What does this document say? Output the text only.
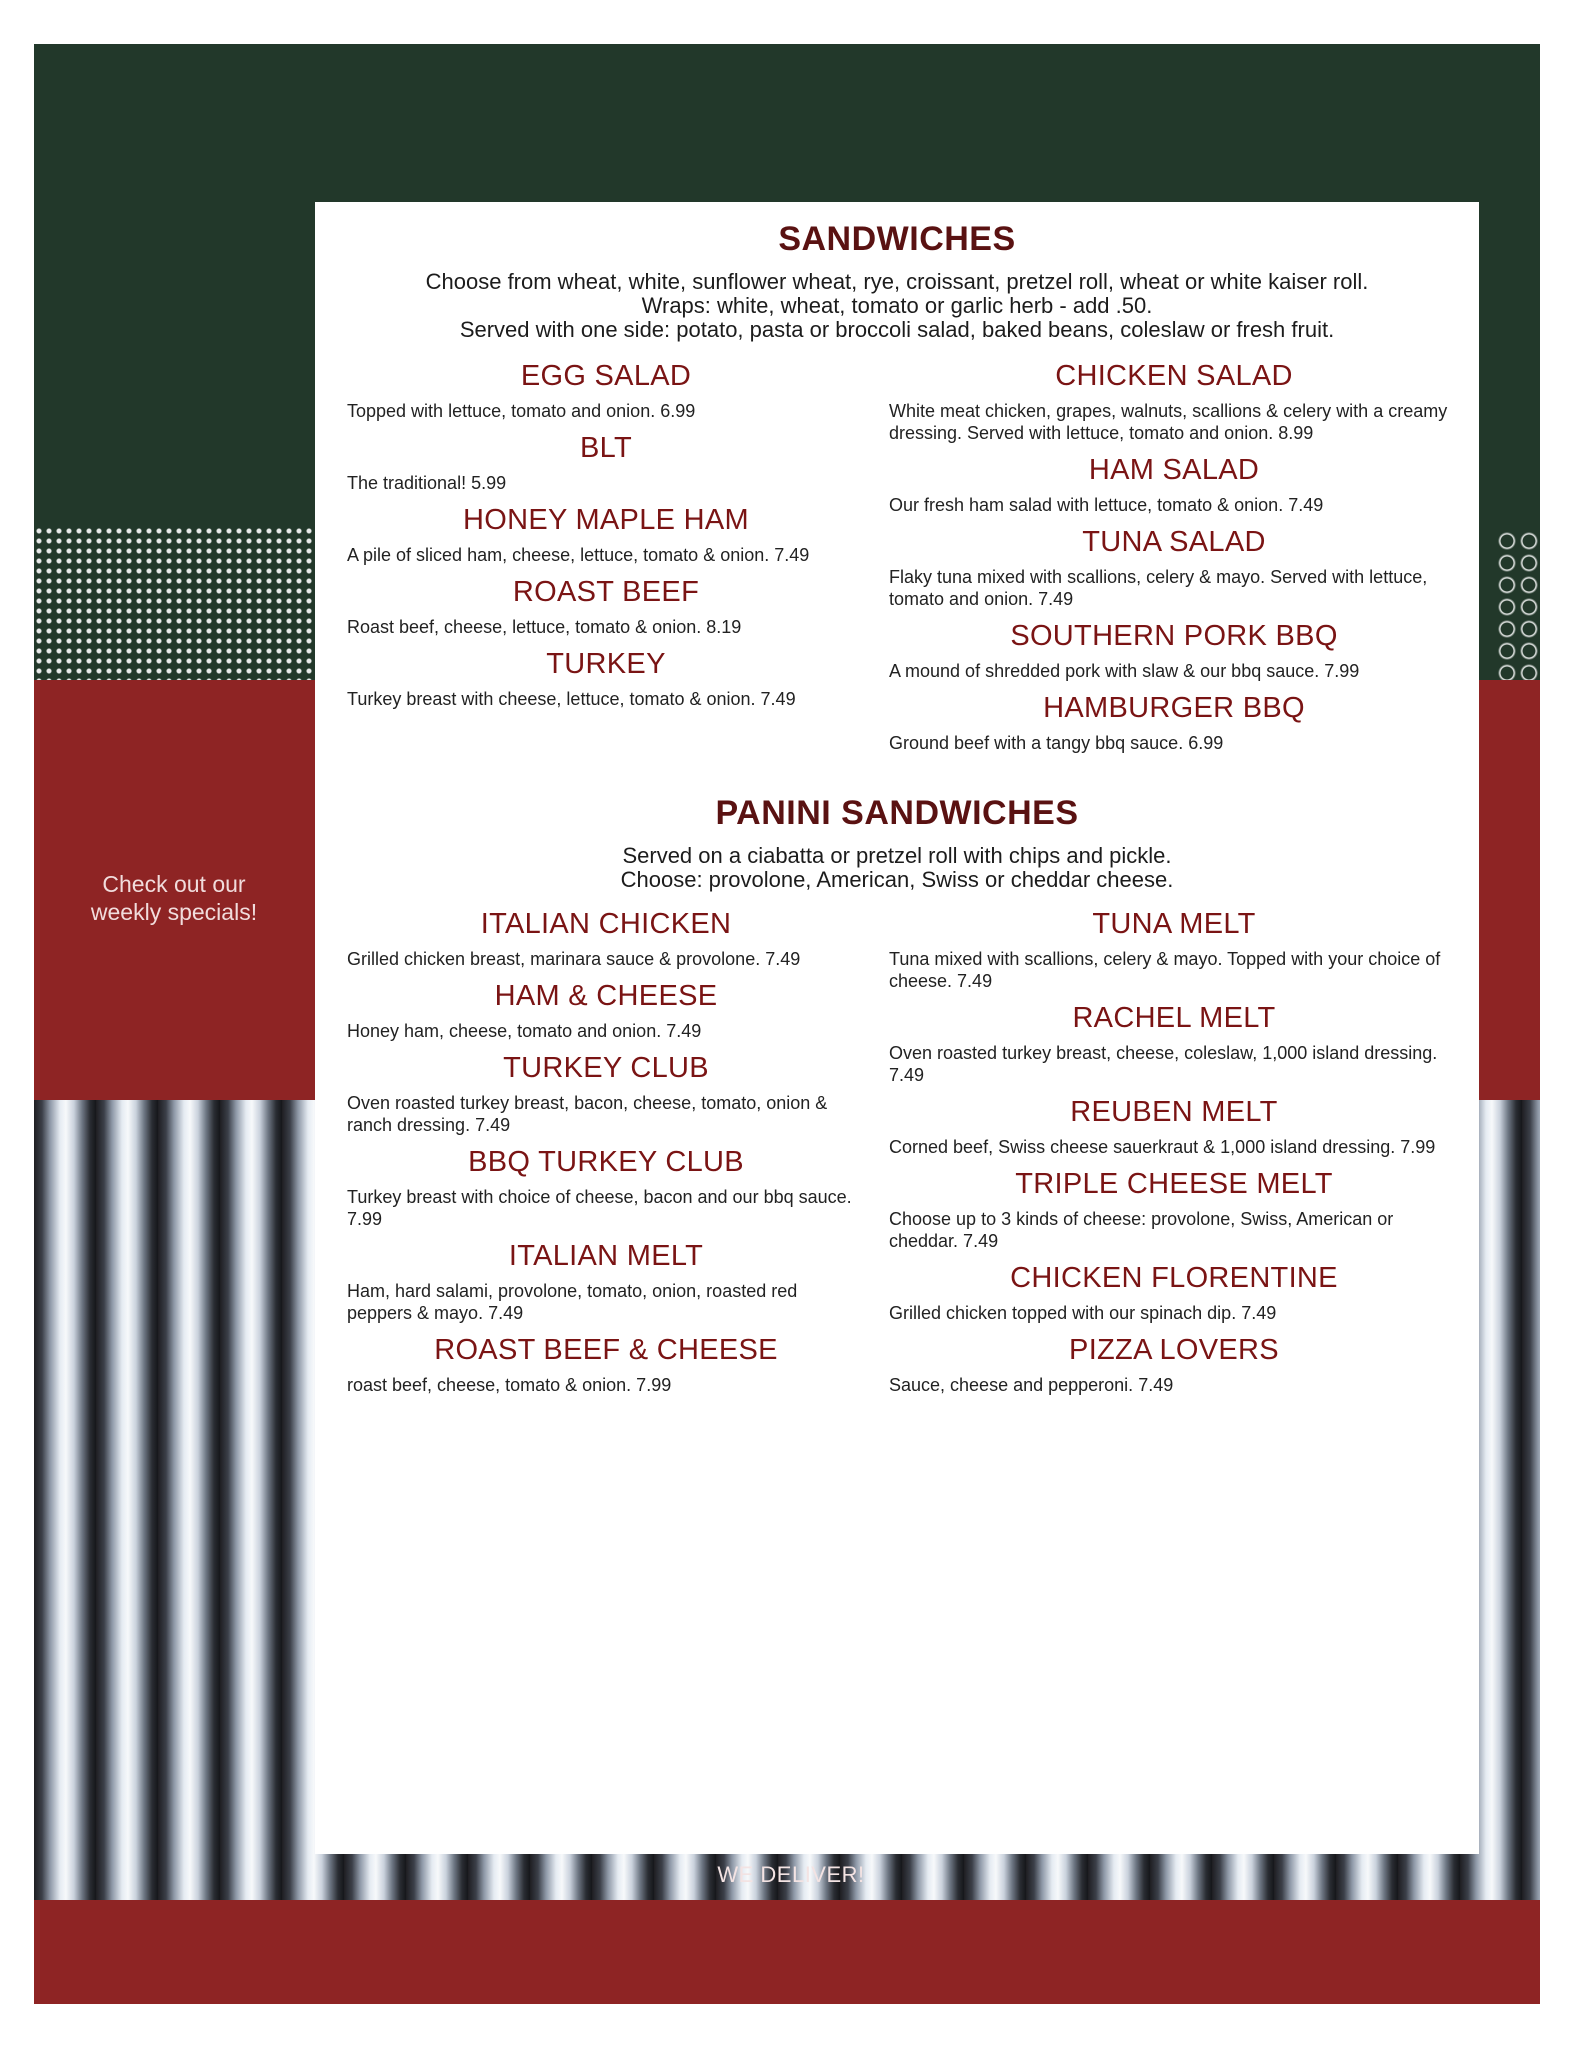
Check out our
weekly specials!
WE DELIVER!
SANDWICHES
Choose from wheat, white, sunflower wheat, rye, croissant, pretzel roll, wheat or white kaiser roll.
Wraps: white, wheat, tomato or garlic herb - add .50.
Served with one side: potato, pasta or broccoli salad, baked beans, coleslaw or fresh fruit.
EGG SALAD
Topped with lettuce, tomato and onion. 6.99
BLT
The traditional! 5.99
HONEY MAPLE HAM
A pile of sliced ham, cheese, lettuce, tomato & onion. 7.49
ROAST BEEF
Roast beef, cheese, lettuce, tomato & onion. 8.19
TURKEY
Turkey breast with cheese, lettuce, tomato & onion. 7.49
CHICKEN SALAD
White meat chicken, grapes, walnuts, scallions & celery with a creamy dressing. Served with lettuce, tomato and onion. 8.99
HAM SALAD
Our fresh ham salad with lettuce, tomato & onion. 7.49
TUNA SALAD
Flaky tuna mixed with scallions, celery & mayo. Served with lettuce, tomato and onion. 7.49
SOUTHERN PORK BBQ
A mound of shredded pork with slaw & our bbq sauce. 7.99
HAMBURGER BBQ
Ground beef with a tangy bbq sauce. 6.99
PANINI SANDWICHES
Served on a ciabatta or pretzel roll with chips and pickle.
Choose: provolone, American, Swiss or cheddar cheese.
ITALIAN CHICKEN
Grilled chicken breast, marinara sauce & provolone. 7.49
HAM & CHEESE
Honey ham, cheese, tomato and onion. 7.49
TURKEY CLUB
Oven roasted turkey breast, bacon, cheese, tomato, onion & ranch dressing. 7.49
BBQ TURKEY CLUB
Turkey breast with choice of cheese, bacon and our bbq sauce. 7.99
ITALIAN MELT
Ham, hard salami, provolone, tomato, onion, roasted red peppers & mayo. 7.49
ROAST BEEF & CHEESE
roast beef, cheese, tomato & onion. 7.99
TUNA MELT
Tuna mixed with scallions, celery & mayo. Topped with your choice of cheese. 7.49
RACHEL MELT
Oven roasted turkey breast, cheese, coleslaw, 1,000 island dressing. 7.49
REUBEN MELT
Corned beef, Swiss cheese sauerkraut & 1,000 island dressing. 7.99
TRIPLE CHEESE MELT
Choose up to 3 kinds of cheese: provolone, Swiss, American or cheddar. 7.49
CHICKEN FLORENTINE
Grilled chicken topped with our spinach dip. 7.49
PIZZA LOVERS
Sauce, cheese and pepperoni. 7.49
